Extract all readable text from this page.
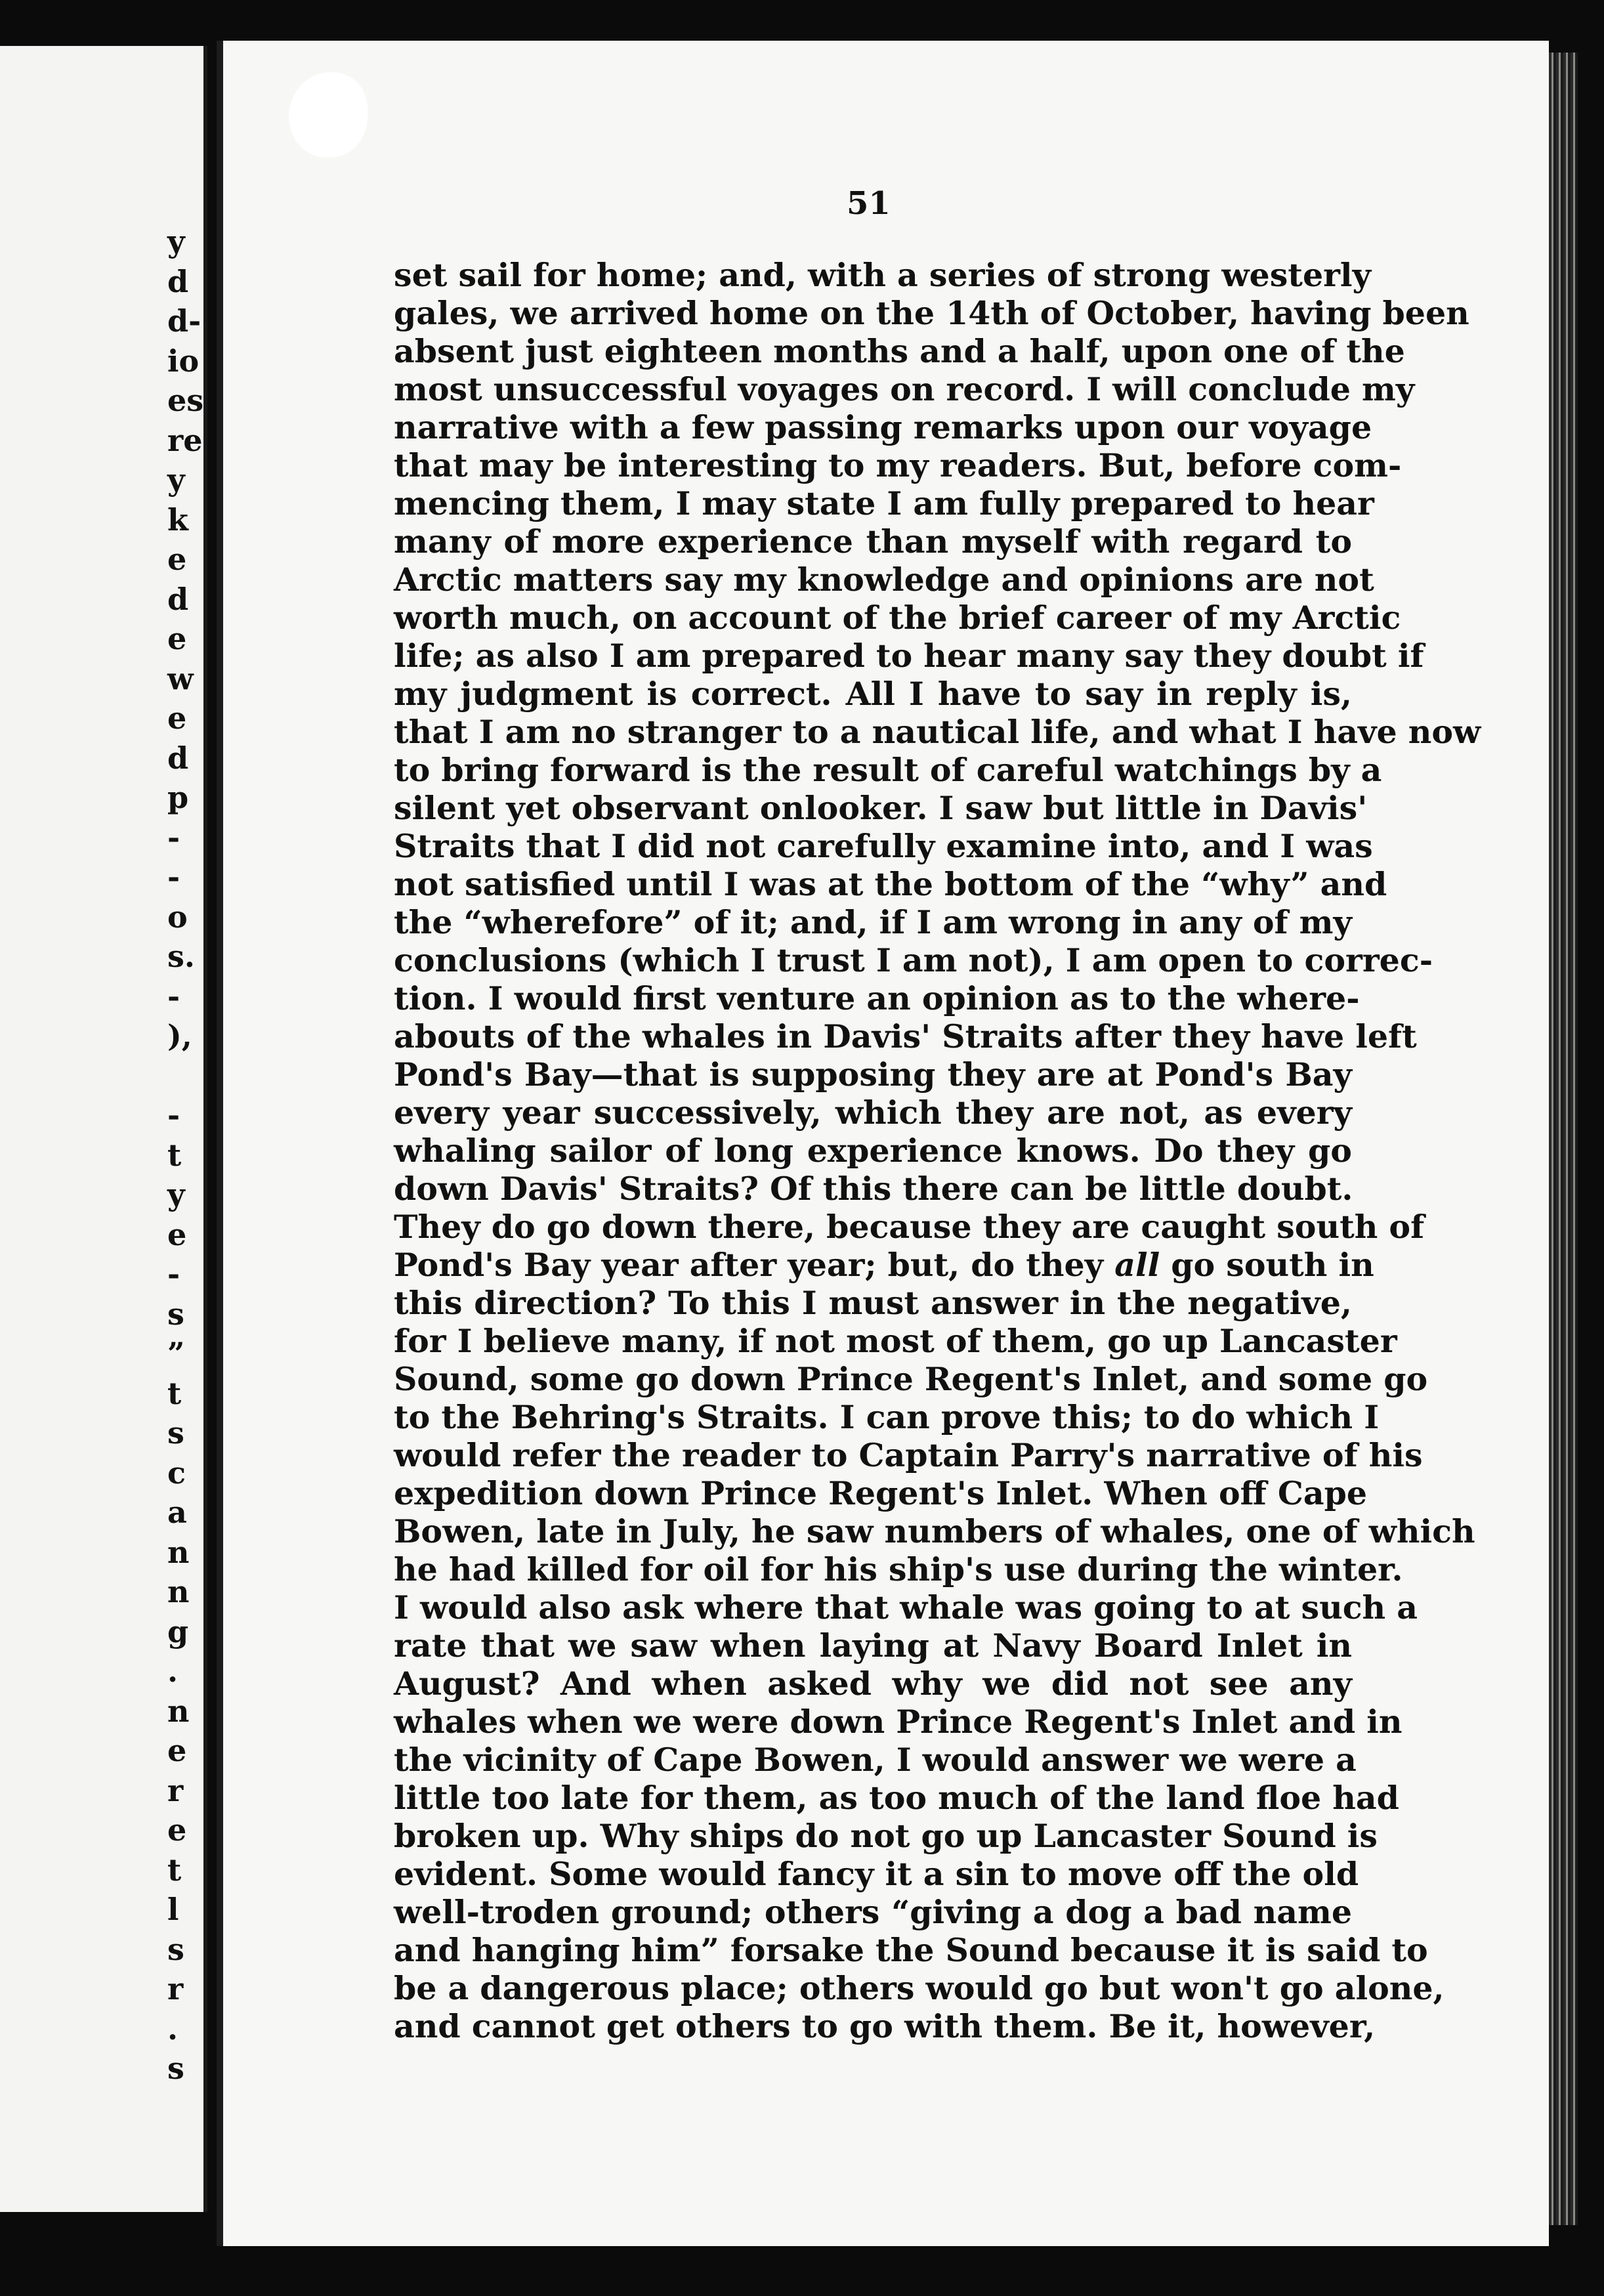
y
d
d-
io
es
re
y
k
e
d
e
w
e
d
p
-
-
o
s.
-
),
-
t
y
e
-
s
”
t
s
c
a
n
n
g
.
n
e
r
e
t
l
s
r
.
s
51
set sail for home; and, with a series of strong westerly
gales, we arrived home on the 14th of October, having been
absent just eighteen months and a half, upon one of the
most unsuccessful voyages on record. I will conclude my
narrative with a few passing remarks upon our voyage
that may be interesting to my readers. But, before com-
mencing them, I may state I am fully prepared to hear
many of more experience than myself with regard to
Arctic matters say my knowledge and opinions are not
worth much, on account of the brief career of my Arctic
life; as also I am prepared to hear many say they doubt if
my judgment is correct. All I have to say in reply is,
that I am no stranger to a nautical life, and what I have now
to bring forward is the result of careful watchings by a
silent yet observant onlooker. I saw but little in Davis'
Straits that I did not carefully examine into, and I was
not satisfied until I was at the bottom of the “why” and
the “wherefore” of it; and, if I am wrong in any of my
conclusions (which I trust I am not), I am open to correc-
tion. I would first venture an opinion as to the where-
abouts of the whales in Davis' Straits after they have left
Pond's Bay—that is supposing they are at Pond's Bay
every year successively, which they are not, as every
whaling sailor of long experience knows. Do they go
down Davis' Straits? Of this there can be little doubt.
They do go down there, because they are caught south of
Pond's Bay year after year; but, do they all go south in
this direction? To this I must answer in the negative,
for I believe many, if not most of them, go up Lancaster
Sound, some go down Prince Regent's Inlet, and some go
to the Behring's Straits. I can prove this; to do which I
would refer the reader to Captain Parry's narrative of his
expedition down Prince Regent's Inlet. When off Cape
Bowen, late in July, he saw numbers of whales, one of which
he had killed for oil for his ship's use during the winter.
I would also ask where that whale was going to at such a
rate that we saw when laying at Navy Board Inlet in
August? And when asked why we did not see any
whales when we were down Prince Regent's Inlet and in
the vicinity of Cape Bowen, I would answer we were a
little too late for them, as too much of the land floe had
broken up. Why ships do not go up Lancaster Sound is
evident. Some would fancy it a sin to move off the old
well-troden ground; others “giving a dog a bad name
and hanging him” forsake the Sound because it is said to
be a dangerous place; others would go but won't go alone,
and cannot get others to go with them. Be it, however,
